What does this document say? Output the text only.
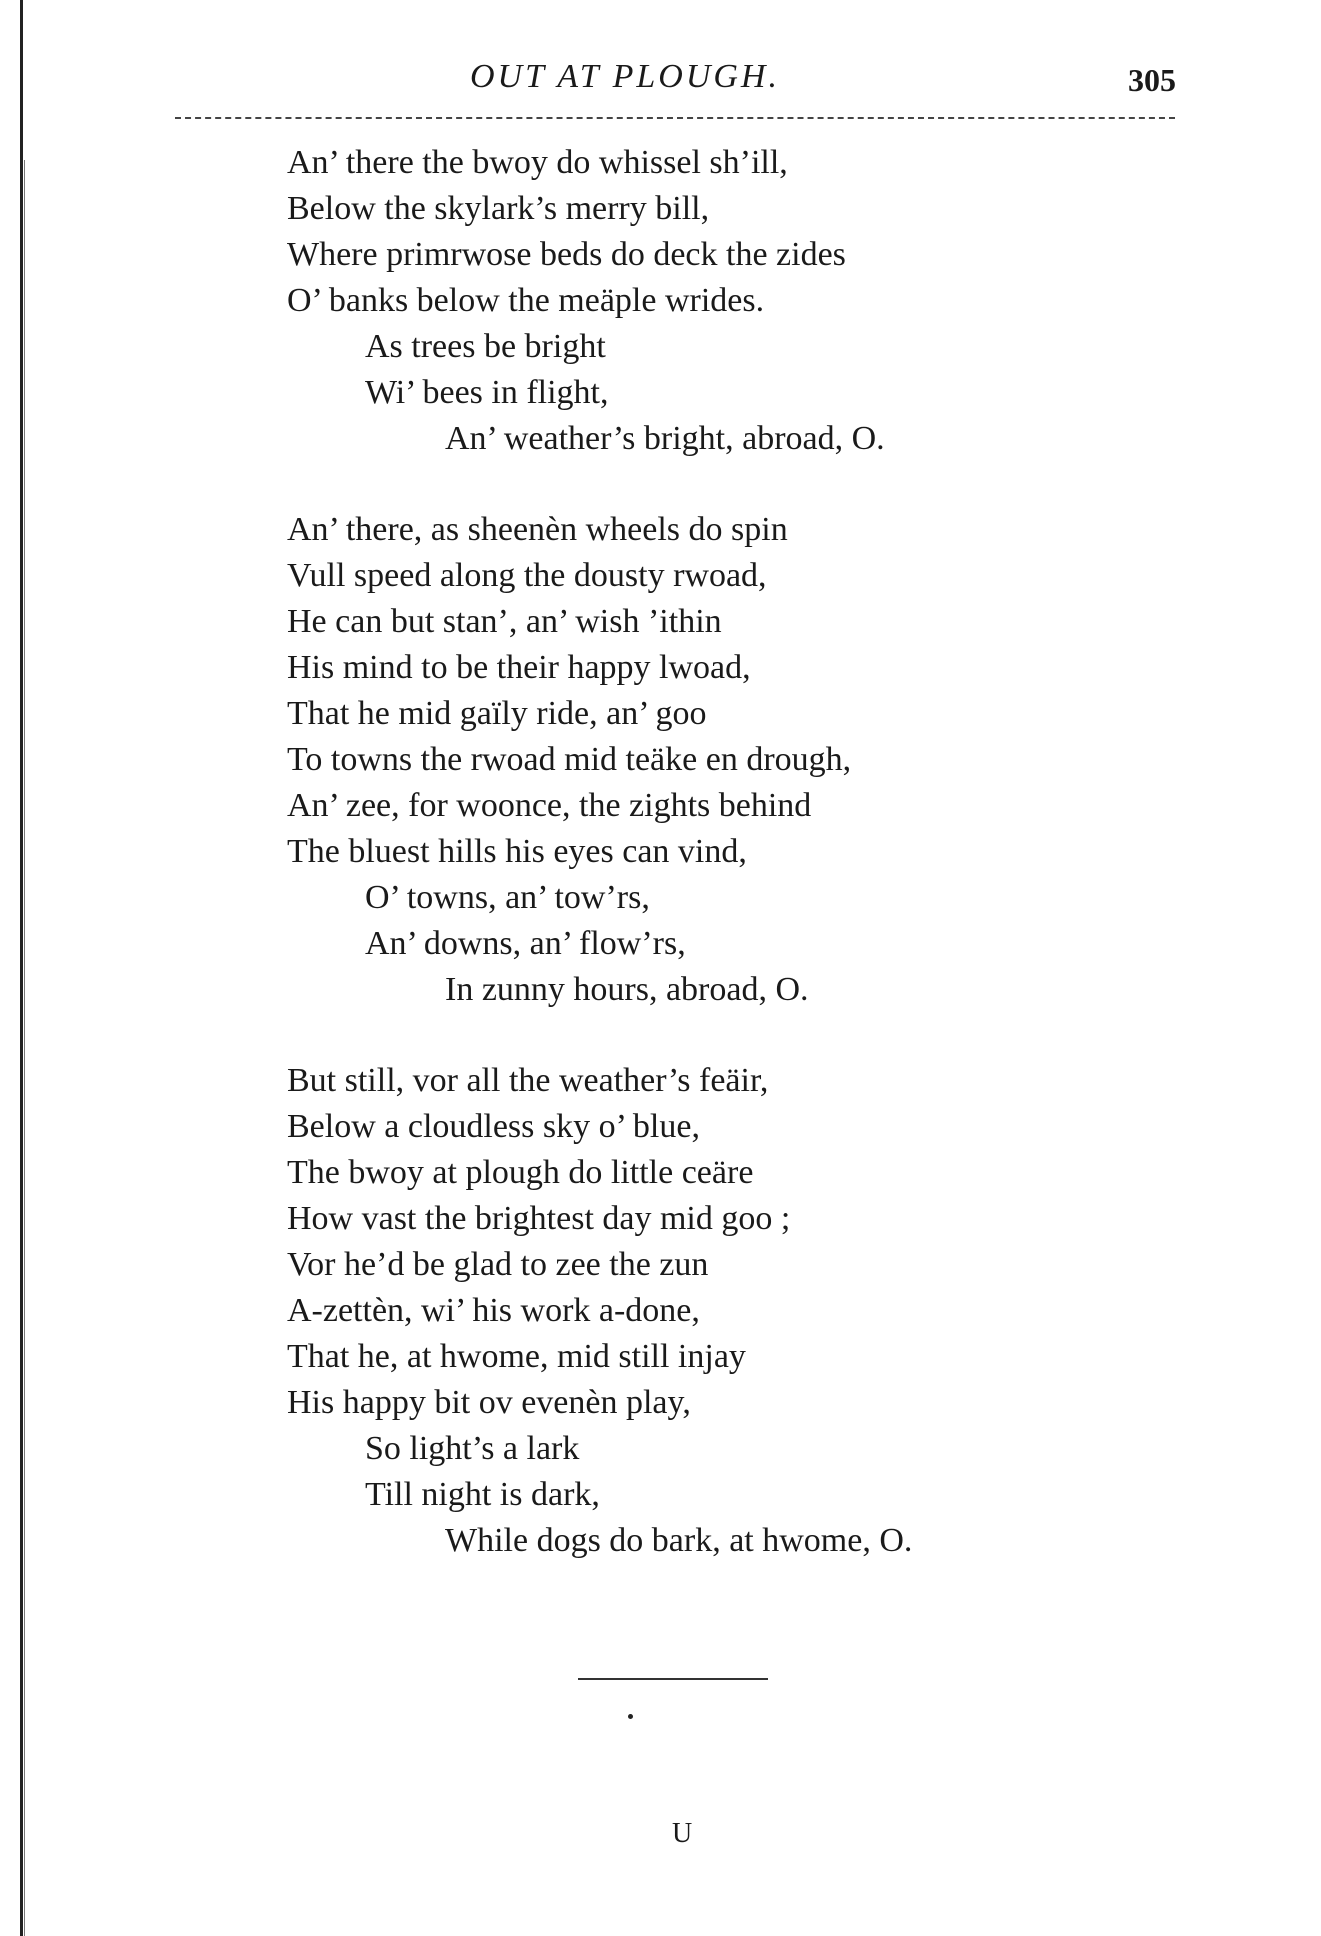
OUT AT PLOUGH.	305
An’ there the bwoy do whissel sh’ill,
Below the skylark’s merry bill,
Where primrwose beds do deck the zides
O’ banks below the meäple wrides.
As trees be bright
Wi’ bees in flight,
An’ weather’s bright, abroad, O.
An’ there, as sheenèn wheels do spin
Vull speed along the dousty rwoad,
He can but stan’, an’ wish ’ithin
His mind to be their happy lwoad,
That he mid gaïly ride, an’ goo
To towns the rwoad mid teäke en drough,
An’ zee, for woonce, the zights behind
The bluest hills his eyes can vind,
O’ towns, an’ tow’rs,
An’ downs, an’ flow’rs,
In zunny hours, abroad, O.
But still, vor all the weather’s feäir,
Below a cloudless sky o’ blue,
The bwoy at plough do little ceäre
How vast the brightest day mid goo ;
Vor he’d be glad to zee the zun
A-zettèn, wi’ his work a-done,
That he, at hwome, mid still injay
His happy bit ov evenèn play,
So light’s a lark
Till night is dark,
While dogs do bark, at hwome, O.
U
